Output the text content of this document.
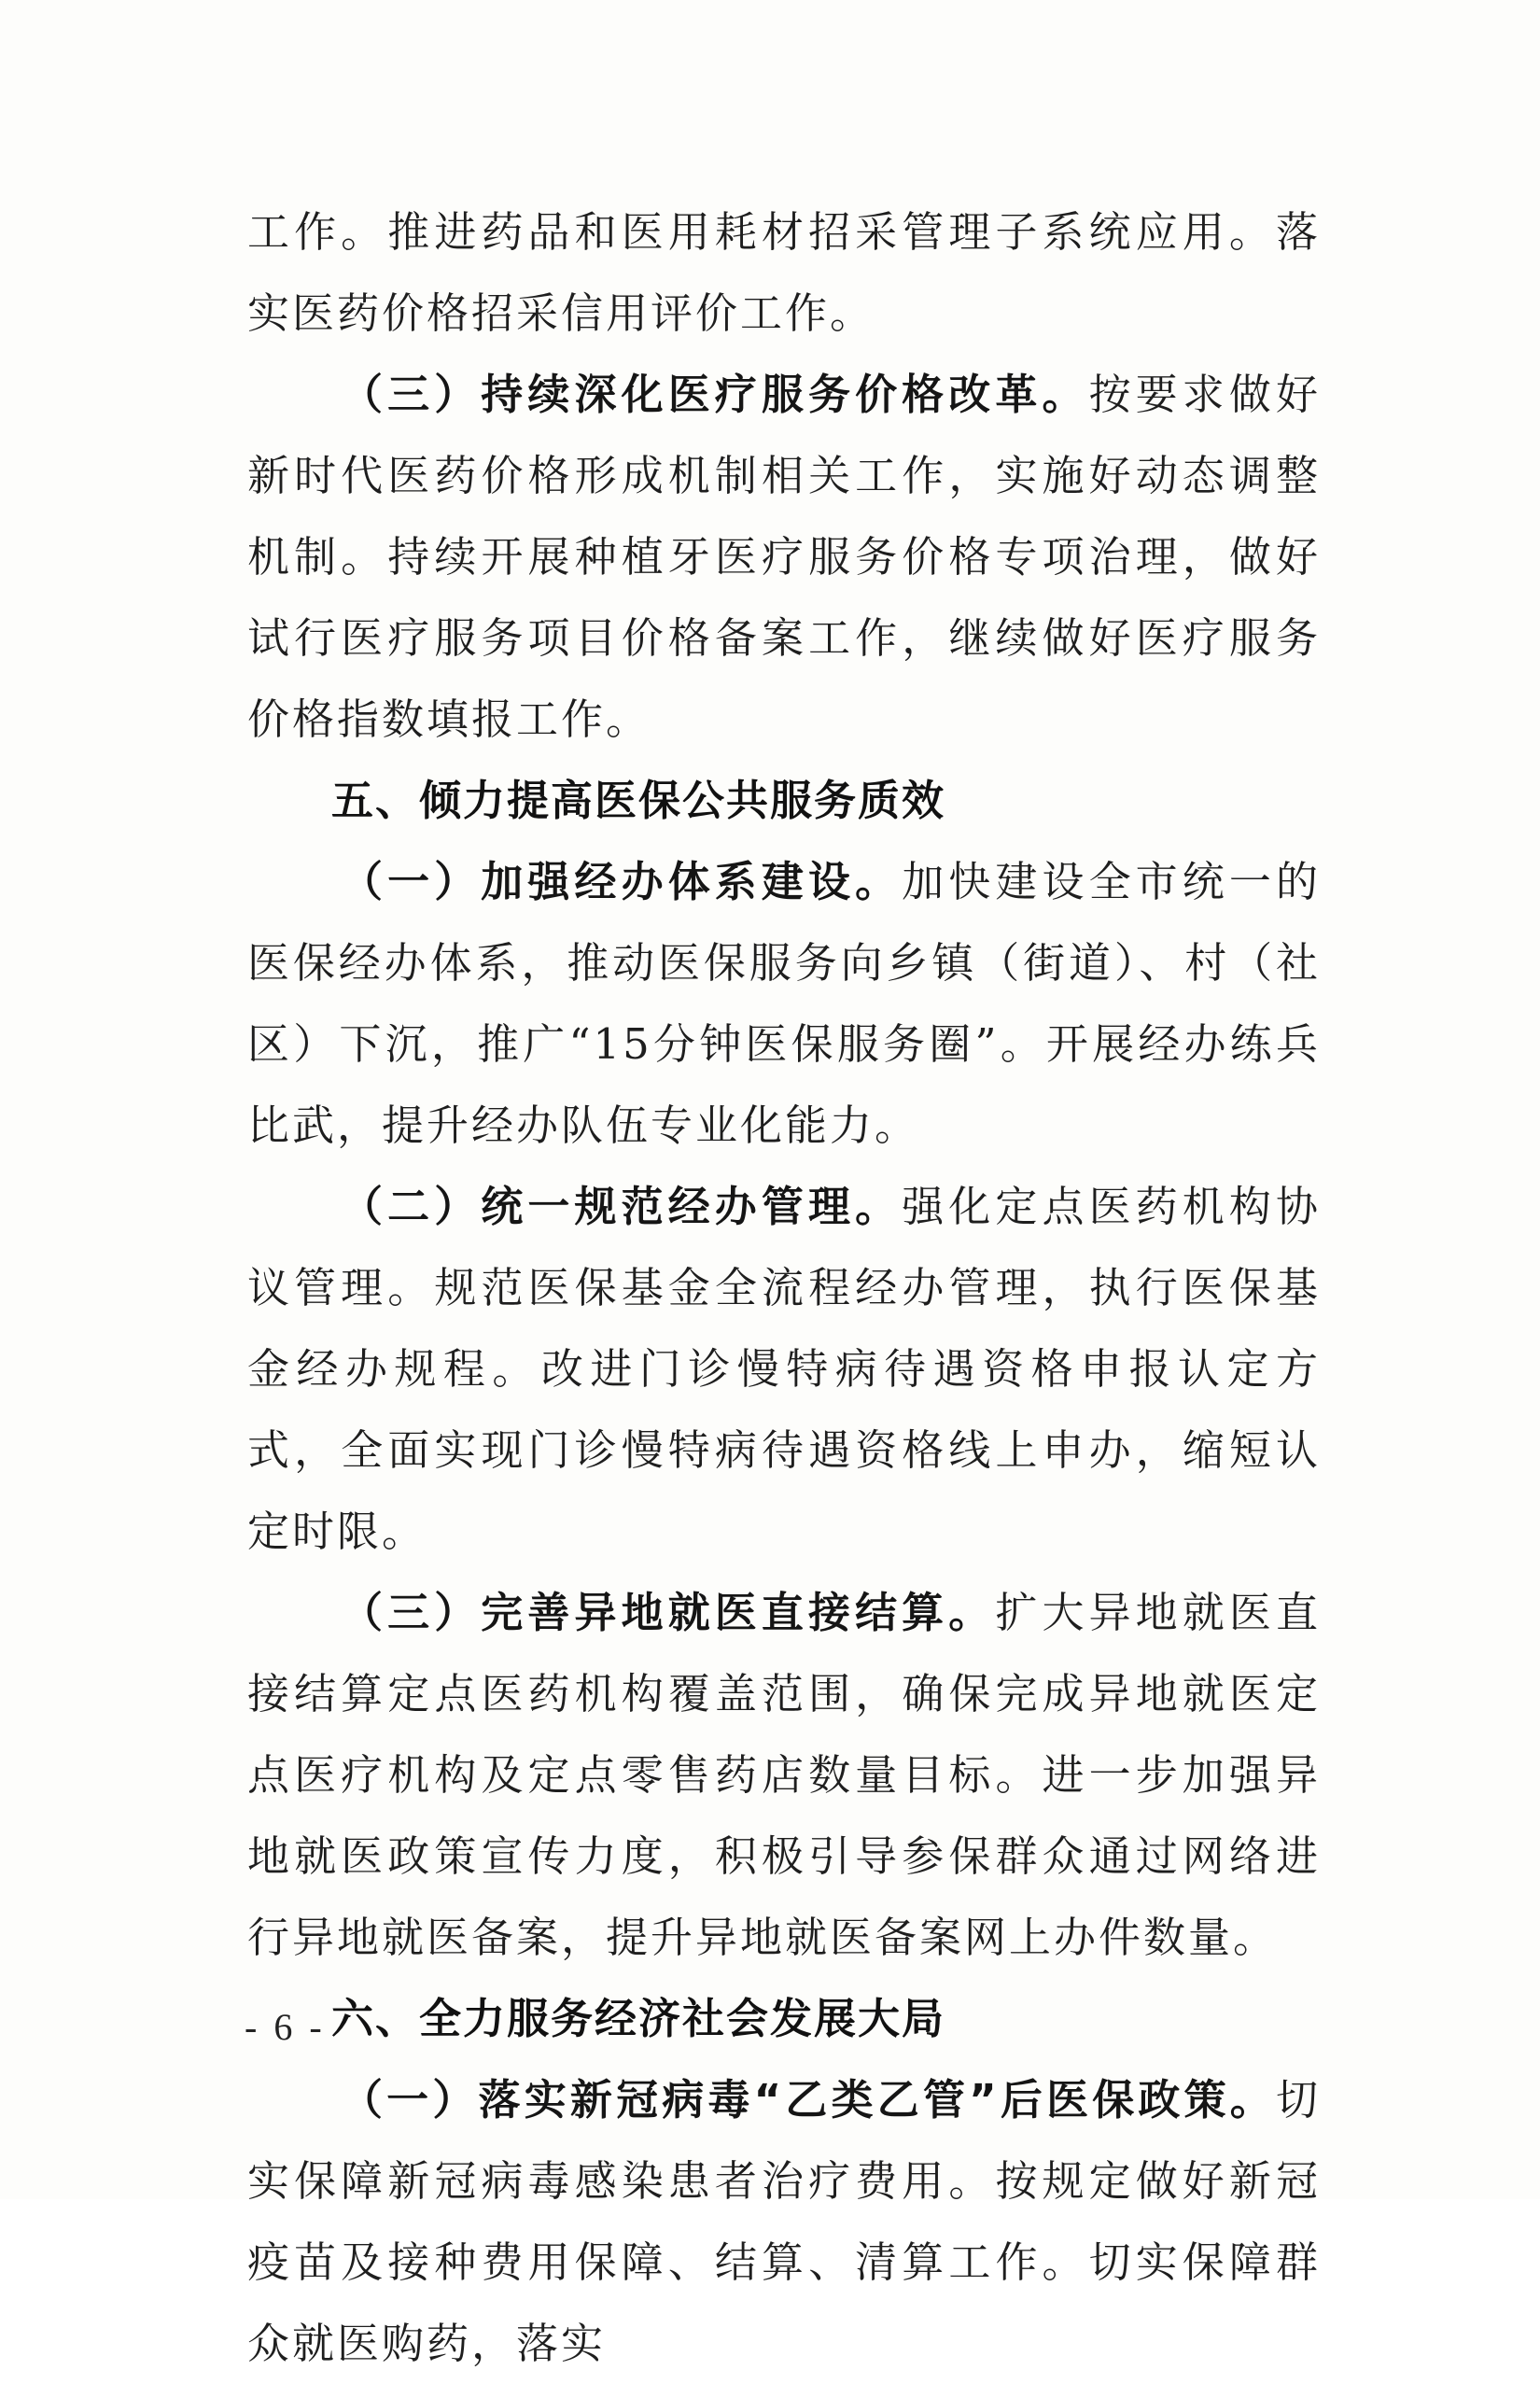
工作。推进药品和医用耗材招采管理子系统应用。落实医药价格招采信用评价工作。

（三）持续深化医疗服务价格改革。按要求做好新时代医药价格形成机制相关工作，实施好动态调整机制。持续开展种植牙医疗服务价格专项治理，做好试行医疗服务项目价格备案工作，继续做好医疗服务价格指数填报工作。

五、倾力提高医保公共服务质效

（一）加强经办体系建设。加快建设全市统一的医保经办体系，推动医保服务向乡镇（街道）、村（社区）下沉，推广“15分钟医保服务圈”。开展经办练兵比武，提升经办队伍专业化能力。

（二）统一规范经办管理。强化定点医药机构协议管理。规范医保基金全流程经办管理，执行医保基金经办规程。改进门诊慢特病待遇资格申报认定方式，全面实现门诊慢特病待遇资格线上申办，缩短认定时限。

（三）完善异地就医直接结算。扩大异地就医直接结算定点医药机构覆盖范围，确保完成异地就医定点医疗机构及定点零售药店数量目标。进一步加强异地就医政策宣传力度，积极引导参保群众通过网络进行异地就医备案，提升异地就医备案网上办件数量。

六、全力服务经济社会发展大局

（一）落实新冠病毒“乙类乙管”后医保政策。切实保障新冠病毒感染患者治疗费用。按规定做好新冠疫苗及接种费用保障、结算、清算工作。切实保障群众就医购药，落实

- 6 -
